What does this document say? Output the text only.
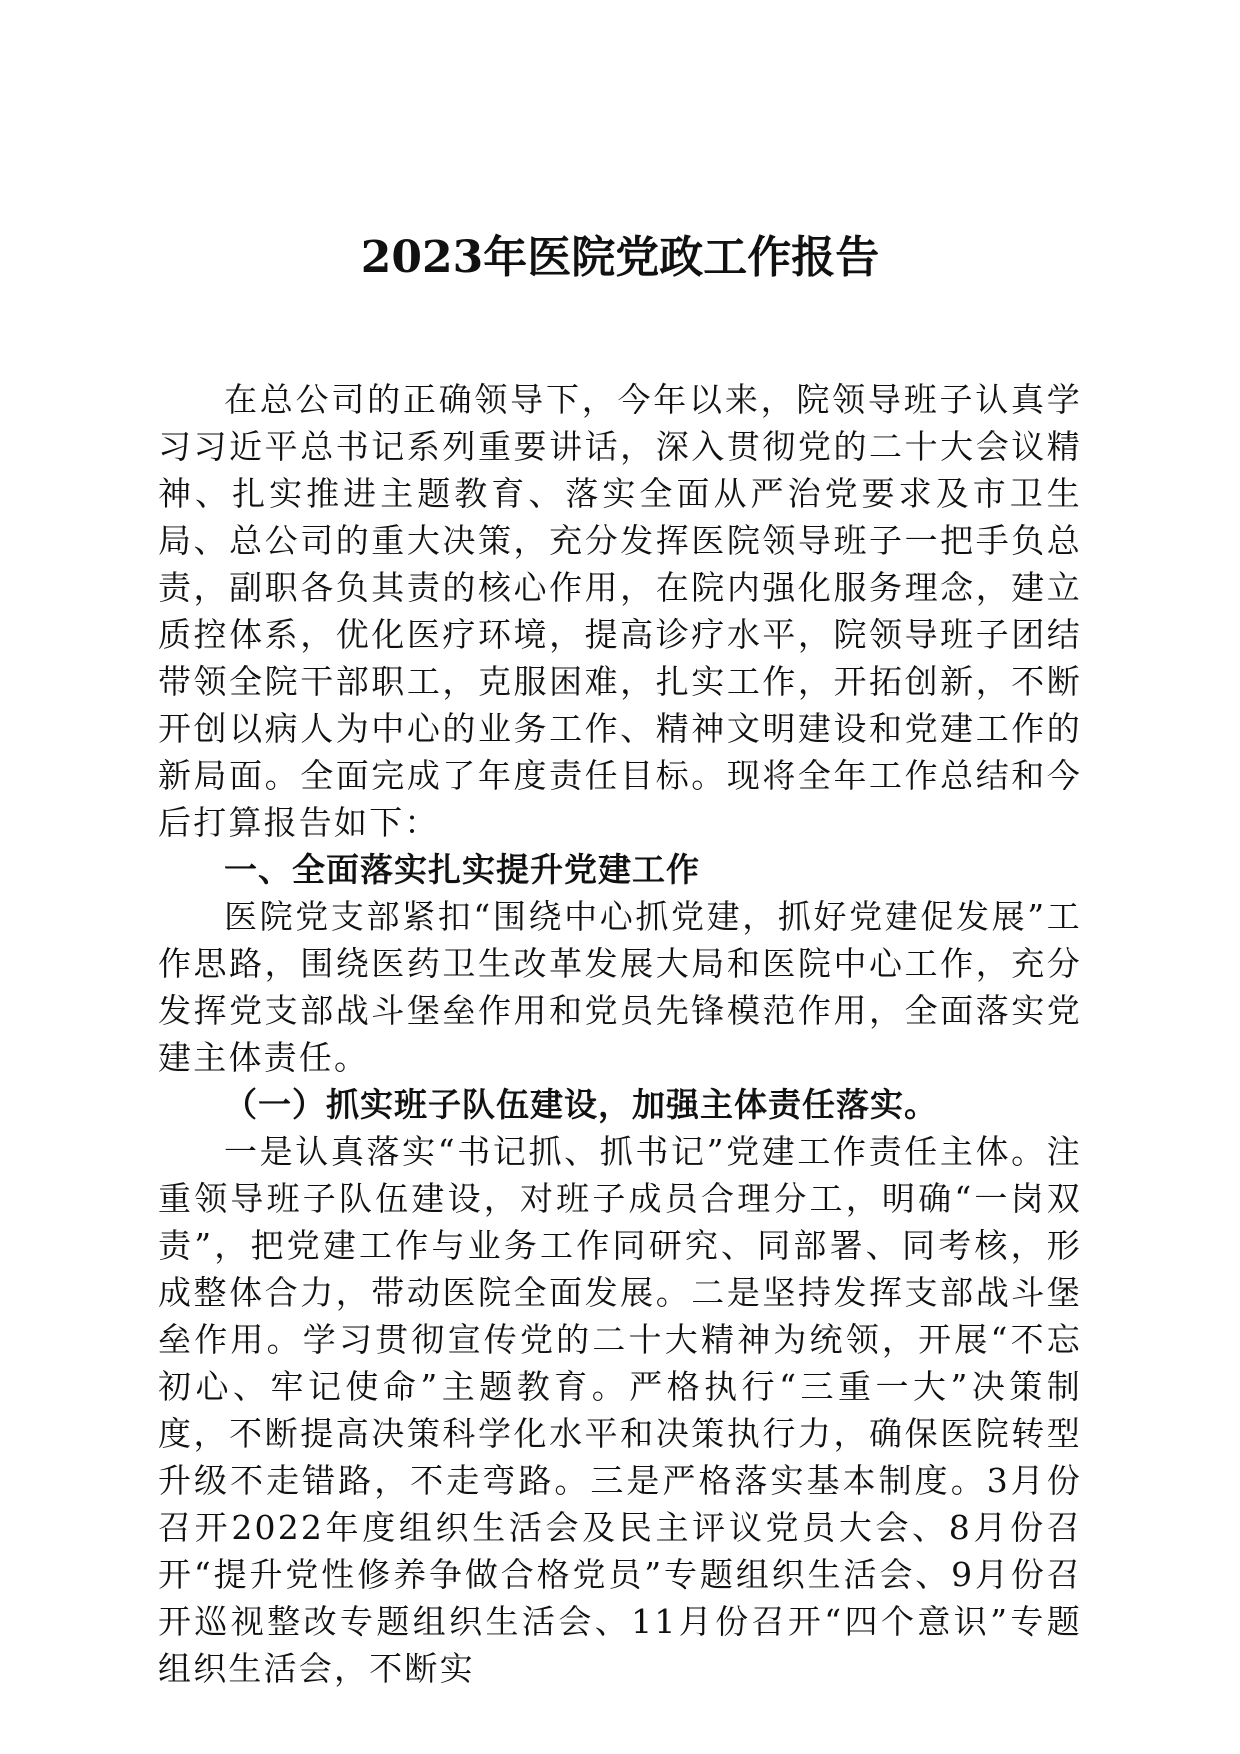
2023年医院党政工作报告

在总公司的正确领导下，今年以来，院领导班子认真学习习近平总书记系列重要讲话，深入贯彻党的二十大会议精神、扎实推进主题教育、落实全面从严治党要求及市卫生局、总公司的重大决策，充分发挥医院领导班子一把手负总责，副职各负其责的核心作用，在院内强化服务理念，建立质控体系，优化医疗环境，提高诊疗水平，院领导班子团结带领全院干部职工，克服困难，扎实工作，开拓创新，不断开创以病人为中心的业务工作、精神文明建设和党建工作的新局面。全面完成了年度责任目标。现将全年工作总结和今后打算报告如下：

一、全面落实扎实提升党建工作

医院党支部紧扣“围绕中心抓党建，抓好党建促发展”工作思路，围绕医药卫生改革发展大局和医院中心工作，充分发挥党支部战斗堡垒作用和党员先锋模范作用，全面落实党建主体责任。

（一）抓实班子队伍建设，加强主体责任落实。

一是认真落实“书记抓、抓书记”党建工作责任主体。注重领导班子队伍建设，对班子成员合理分工，明确“一岗双责”，把党建工作与业务工作同研究、同部署、同考核，形成整体合力，带动医院全面发展。二是坚持发挥支部战斗堡垒作用。学习贯彻宣传党的二十大精神为统领，开展“不忘初心、牢记使命”主题教育。严格执行“三重一大”决策制度，不断提高决策科学化水平和决策执行力，确保医院转型升级不走错路，不走弯路。三是严格落实基本制度。3月份召开2022年度组织生活会及民主评议党员大会、8月份召开“提升党性修养争做合格党员”专题组织生活会、9月份召开巡视整改专题组织生活会、11月份召开“四个意识”专题组织生活会，不断实
